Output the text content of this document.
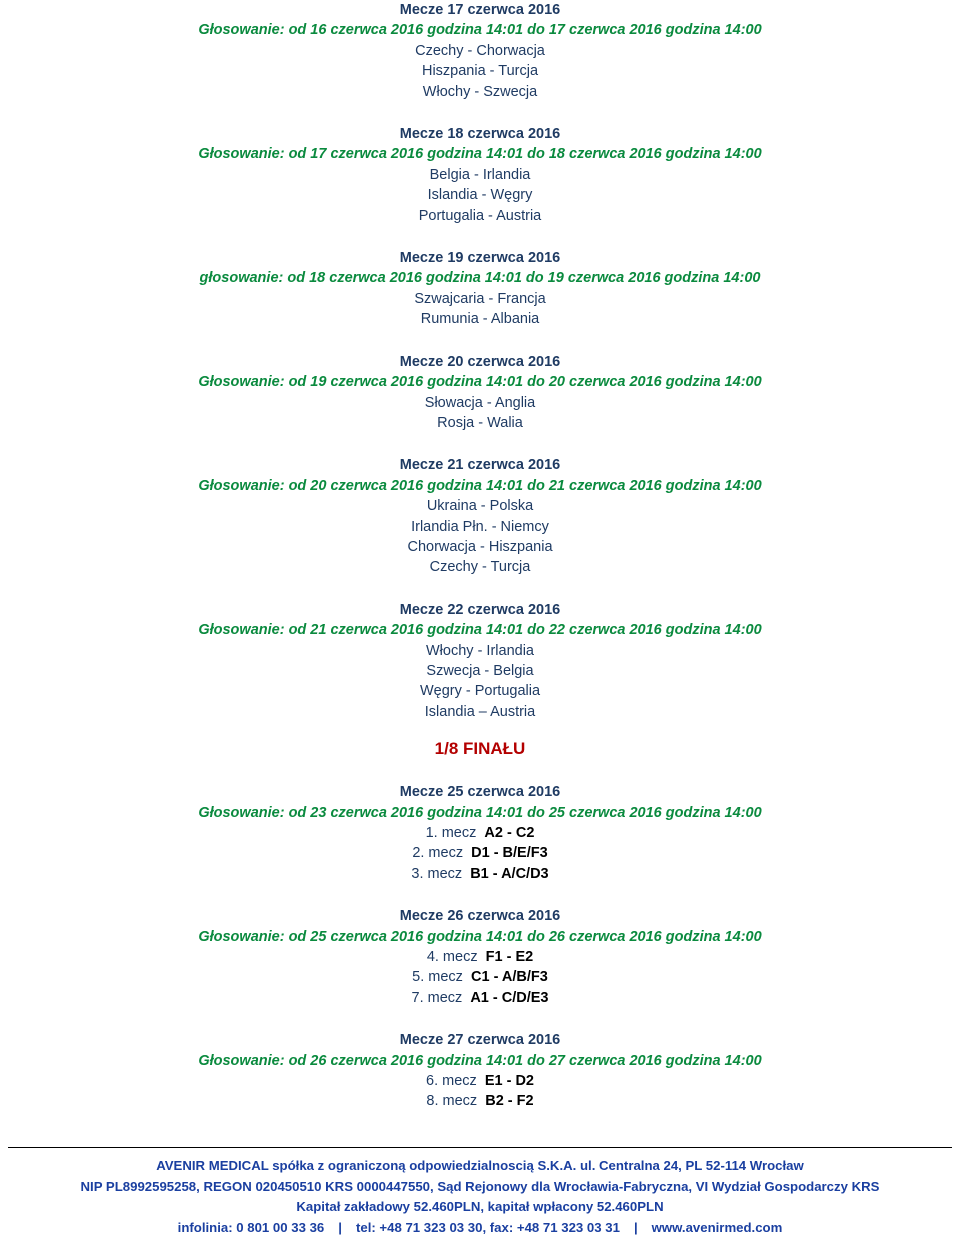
Mecze 17 czerwca 2016
Głosowanie: od 16 czerwca 2016 godzina 14:01 do 17 czerwca 2016 godzina 14:00
Czechy - Chorwacja
Hiszpania - Turcja
Włochy - Szwecja
Mecze 18 czerwca 2016
Głosowanie: od 17 czerwca 2016 godzina 14:01 do 18 czerwca 2016 godzina 14:00
Belgia - Irlandia
Islandia - Węgry
Portugalia - Austria
Mecze 19 czerwca 2016
głosowanie: od 18 czerwca 2016 godzina 14:01 do 19 czerwca 2016 godzina 14:00
Szwajcaria - Francja
Rumunia - Albania
Mecze 20 czerwca 2016
Głosowanie: od 19 czerwca 2016 godzina 14:01 do 20 czerwca 2016 godzina 14:00
Słowacja - Anglia
Rosja - Walia
Mecze 21 czerwca 2016
Głosowanie: od 20 czerwca 2016 godzina 14:01 do 21 czerwca 2016 godzina 14:00
Ukraina - Polska
Irlandia Płn. - Niemcy
Chorwacja - Hiszpania
Czechy - Turcja
Mecze 22 czerwca 2016
Głosowanie: od 21 czerwca 2016 godzina 14:01 do 22 czerwca 2016 godzina 14:00
Włochy - Irlandia
Szwecja - Belgia
Węgry - Portugalia
Islandia – Austria
1/8 FINAŁU
Mecze 25 czerwca 2016
Głosowanie: od 23 czerwca 2016 godzina 14:01 do 25 czerwca 2016 godzina 14:00
1. mecz A2 - C2
2. mecz D1 - B/E/F3
3. mecz B1 - A/C/D3
Mecze 26 czerwca 2016
Głosowanie: od 25 czerwca 2016 godzina 14:01 do 26 czerwca 2016 godzina 14:00
4. mecz F1 - E2
5. mecz C1 - A/B/F3
7. mecz A1 - C/D/E3
Mecze 27 czerwca 2016
Głosowanie: od 26 czerwca 2016 godzina 14:01 do 27 czerwca 2016 godzina 14:00
6. mecz E1 - D2
8. mecz B2 - F2
AVENIR MEDICAL spółka z ograniczoną odpowiedzialnoscią S.K.A. ul. Centralna 24, PL 52-114 Wrocław
NIP PL8992595258, REGON 020450510 KRS 0000447550, Sąd Rejonowy dla Wrocławia-Fabryczna, VI Wydział Gospodarczy KRS
Kapitał zakładowy 52.460PLN, kapitał wpłacony 52.460PLN
infolinia: 0 801 00 33 36 | tel: +48 71 323 03 30, fax: +48 71 323 03 31 | www.avenirmed.com
